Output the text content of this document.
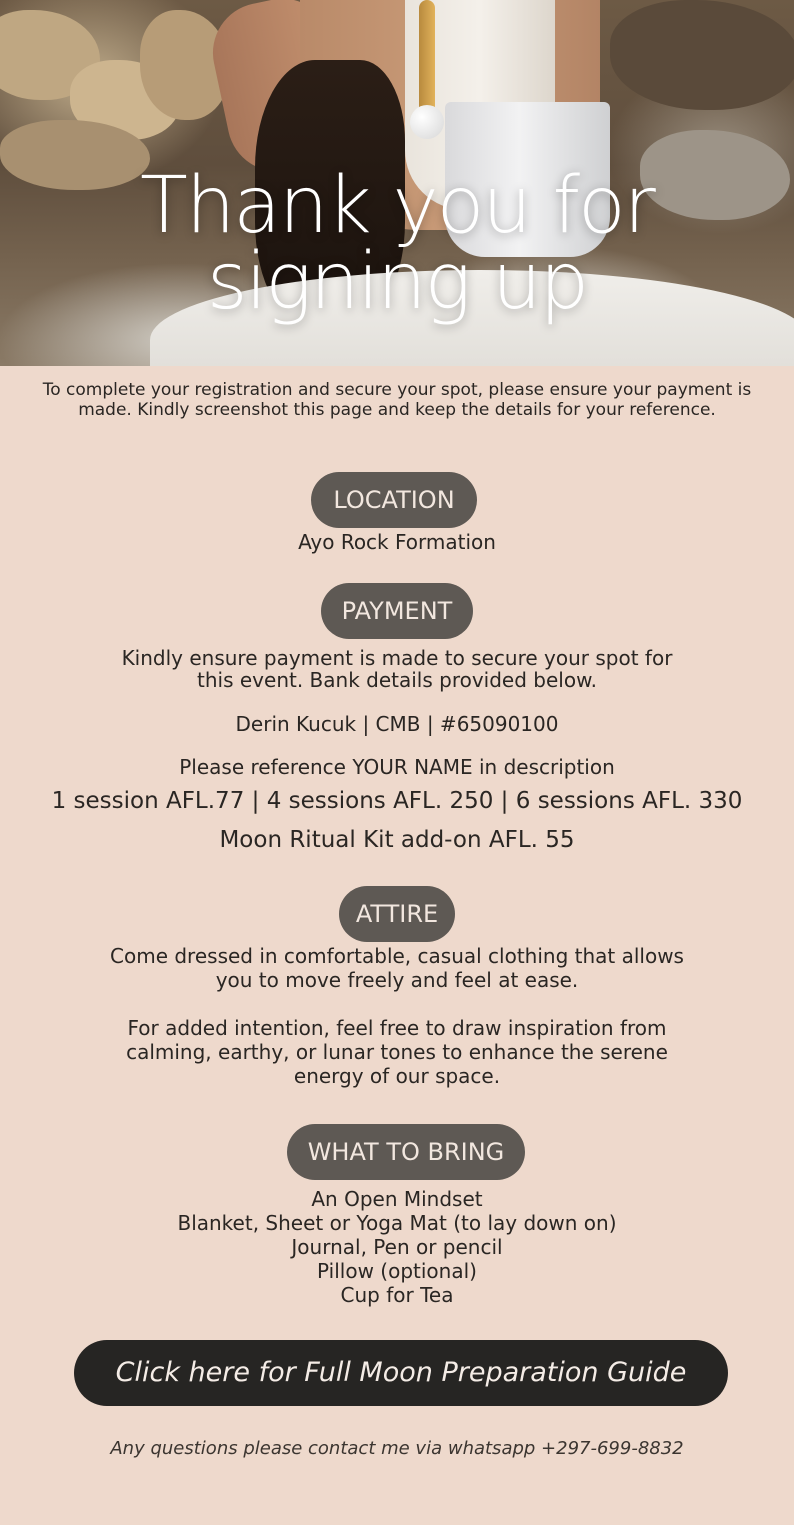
Thank you for
signing up

To complete your registration and secure your spot, please ensure your payment is made. Kindly screenshot this page and keep the details for your reference.

LOCATION

Ayo Rock Formation

PAYMENT

Kindly ensure payment is made to secure your spot for

this event. Bank details provided below.

Derin Kucuk | CMB | #65090100

Please reference YOUR NAME in description

1 session AFL.77 | 4 sessions AFL. 250 | 6 sessions AFL. 330

Moon Ritual Kit add-on AFL. 55

ATTIRE

Come dressed in comfortable, casual clothing that allows

you to move freely and feel at ease.

For added intention, feel free to draw inspiration from

calming, earthy, or lunar tones to enhance the serene

energy of our space.

WHAT TO BRING

An Open Mindset

Blanket, Sheet or Yoga Mat (to lay down on)

Journal, Pen or pencil

Pillow (optional)

Cup for Tea

Click here for Full Moon Preparation Guide

Any questions please contact me via whatsapp +297-699-8832
